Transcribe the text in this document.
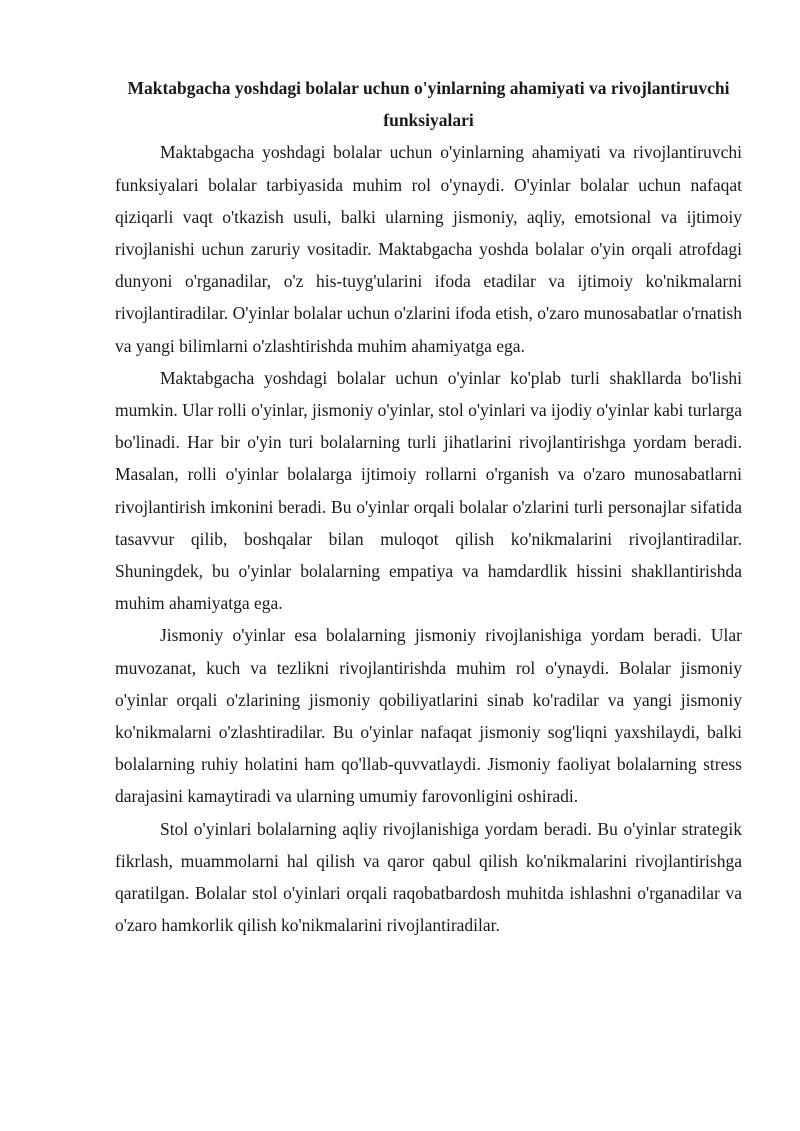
Maktabgacha yoshdagi bolalar uchun o'yinlarning ahamiyati va rivojlantiruvchi funksiyalari

Maktabgacha yoshdagi bolalar uchun o'yinlarning ahamiyati va rivojlantiruvchi funksiyalari bolalar tarbiyasida muhim rol o'ynaydi. O'yinlar bolalar uchun nafaqat qiziqarli vaqt o'tkazish usuli, balki ularning jismoniy, aqliy, emotsional va ijtimoiy rivojlanishi uchun zaruriy vositadir. Maktabgacha yoshda bolalar o'yin orqali atrofdagi dunyoni o'rganadilar, o'z his-tuyg'ularini ifoda etadilar va ijtimoiy ko'nikmalarni rivojlantiradilar. O'yinlar bolalar uchun o'zlarini ifoda etish, o'zaro munosabatlar o'rnatish va yangi bilimlarni o'zlashtirishda muhim ahamiyatga ega.

Maktabgacha yoshdagi bolalar uchun o'yinlar ko'plab turli shakllarda bo'lishi mumkin. Ular rolli o'yinlar, jismoniy o'yinlar, stol o'yinlari va ijodiy o'yinlar kabi turlarga bo'linadi. Har bir o'yin turi bolalarning turli jihatlarini rivojlantirishga yordam beradi. Masalan, rolli o'yinlar bolalarga ijtimoiy rollarni o'rganish va o'zaro munosabatlarni rivojlantirish imkonini beradi. Bu o'yinlar orqali bolalar o'zlarini turli personajlar sifatida tasavvur qilib, boshqalar bilan muloqot qilish ko'nikmalarini rivojlantiradilar. Shuningdek, bu o'yinlar bolalarning empatiya va hamdardlik hissini shakllantirishda muhim ahamiyatga ega.

Jismoniy o'yinlar esa bolalarning jismoniy rivojlanishiga yordam beradi. Ular muvozanat, kuch va tezlikni rivojlantirishda muhim rol o'ynaydi. Bolalar jismoniy o'yinlar orqali o'zlarining jismoniy qobiliyatlarini sinab ko'radilar va yangi jismoniy ko'nikmalarni o'zlashtiradilar. Bu o'yinlar nafaqat jismoniy sog'liqni yaxshilaydi, balki bolalarning ruhiy holatini ham qo'llab-quvvatlaydi. Jismoniy faoliyat bolalarning stress darajasini kamaytiradi va ularning umumiy farovonligini oshiradi.

Stol o'yinlari bolalarning aqliy rivojlanishiga yordam beradi. Bu o'yinlar strategik fikrlash, muammolarni hal qilish va qaror qabul qilish ko'nikmalarini rivojlantirishga qaratilgan. Bolalar stol o'yinlari orqali raqobatbardosh muhitda ishlashni o'rganadilar va o'zaro hamkorlik qilish ko'nikmalarini rivojlantiradilar.
